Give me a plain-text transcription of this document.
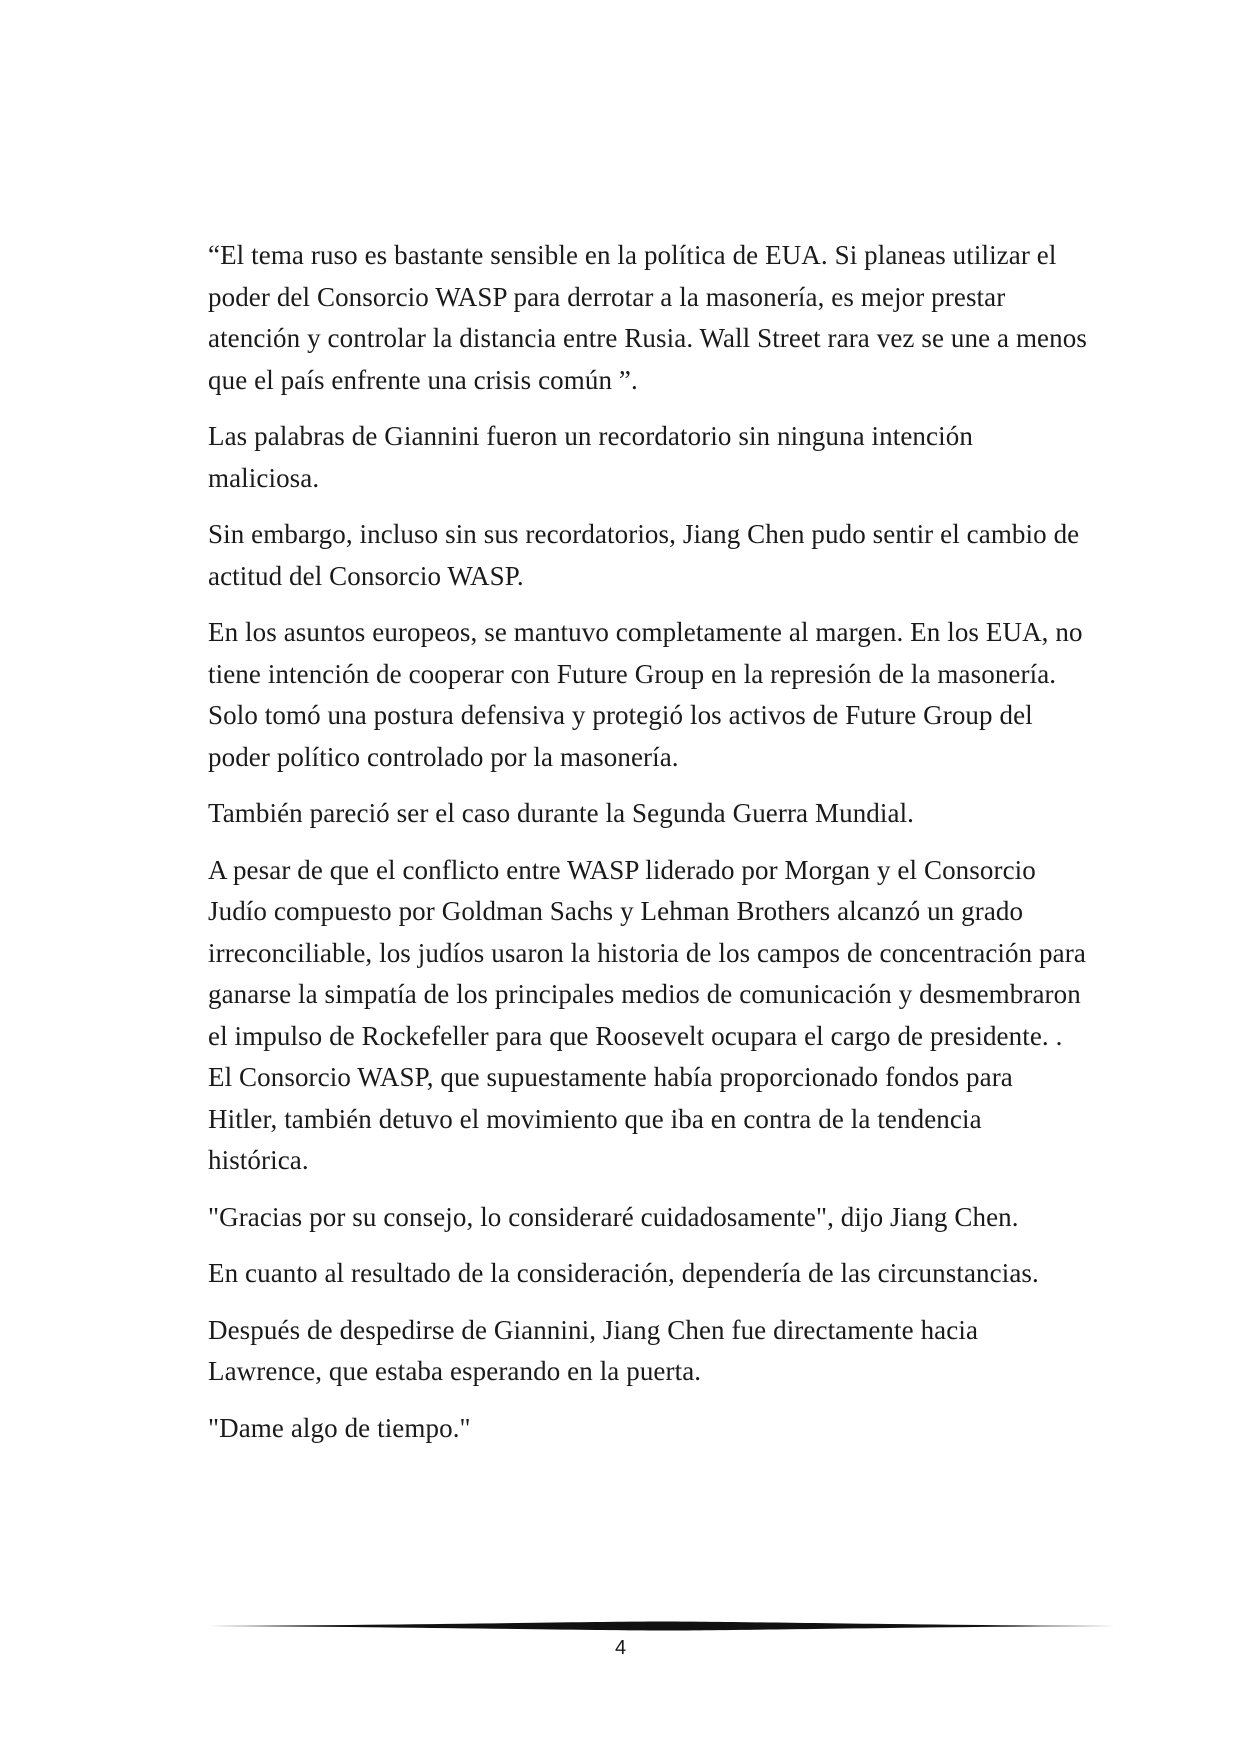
“El tema ruso es bastante sensible en la política de EUA. Si planeas utilizar el poder del Consorcio WASP para derrotar a la masonería, es mejor prestar atención y controlar la distancia entre Rusia. Wall Street rara vez se une a menos que el país enfrente una crisis común ”.

Las palabras de Giannini fueron un recordatorio sin ninguna intención maliciosa.

Sin embargo, incluso sin sus recordatorios, Jiang Chen pudo sentir el cambio de actitud del Consorcio WASP.

En los asuntos europeos, se mantuvo completamente al margen. En los EUA, no tiene intención de cooperar con Future Group en la represión de la masonería. Solo tomó una postura defensiva y protegió los activos de Future Group del poder político controlado por la masonería.

También pareció ser el caso durante la Segunda Guerra Mundial.

A pesar de que el conflicto entre WASP liderado por Morgan y el Consorcio Judío compuesto por Goldman Sachs y Lehman Brothers alcanzó un grado irreconciliable, los judíos usaron la historia de los campos de concentración para ganarse la simpatía de los principales medios de comunicación y desmembraron el impulso de Rockefeller para que Roosevelt ocupara el cargo de presidente. . El Consorcio WASP, que supuestamente había proporcionado fondos para Hitler, también detuvo el movimiento que iba en contra de la tendencia histórica.

"Gracias por su consejo, lo consideraré cuidadosamente", dijo Jiang Chen.

En cuanto al resultado de la consideración, dependería de las circunstancias.

Después de despedirse de Giannini, Jiang Chen fue directamente hacia Lawrence, que estaba esperando en la puerta.

"Dame algo de tiempo."

4
